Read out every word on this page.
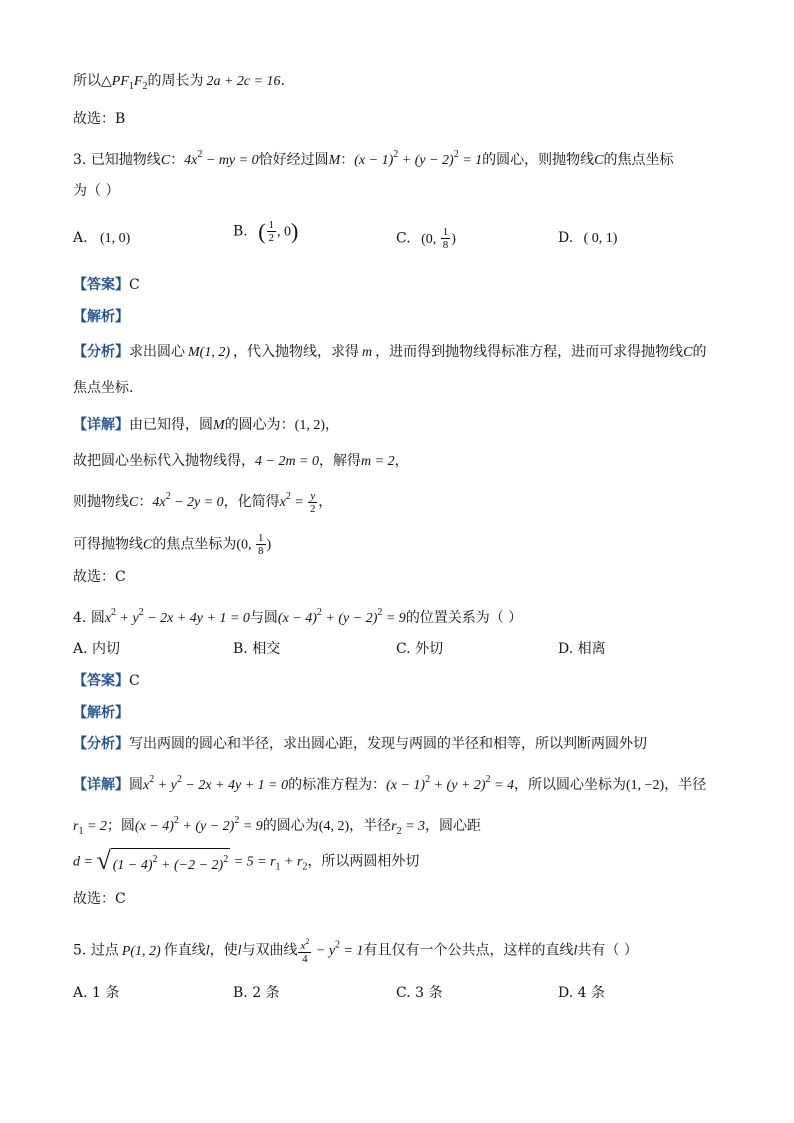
所以$\triangle PF_1F_2$的周长为 2a + 2c = 16.
故选：B
3. 已知抛物线C：$4x^2$ − my = 0恰好经过圆M：$(x - 1)^2 + (y - 2)^2 = 1$的圆心，则抛物线C的焦点坐标
为（ ）
A. (1, 0)	B. ( $\frac{1}{2}$ , 0)	C. (0, $\frac{1}{8}$ )	D. ( 0, 1)
【答案】C
【解析】
【分析】求出圆心 M(1, 2) ，代入抛物线，求得 m ，进而得到抛物线得标准方程，进而可求得抛物线C的
焦点坐标.
【详解】由已知得，圆M的圆心为：(1, 2)，
故把圆心坐标代入抛物线得，4 − 2m = 0，解得m = 2，
则抛物线C：$4x^2 - 2y = 0$，化简得$x^2 = \frac{y}{2}$ ，
可得抛物线C的焦点坐标为(0, $\frac{1}{8}$ )
故选：C
4. 圆$x^2 + y^2 - 2x + 4y + 1 = 0$与圆$(x - 4)^2 + (y - 2)^2 = 9$的位置关系为（ ）
A. 内切	B. 相交	C. 外切	D. 相离
【答案】C
【解析】
【分析】写出两圆的圆心和半径，求出圆心距，发现与两圆的半径和相等，所以判断两圆外切
【详解】圆$x^2 + y^2 - 2x + 4y + 1 = 0$的标准方程为：$(x - 1)^2 + (y + 2)^2 = 4$，所以圆心坐标为(1, −2)，半径
$r_1 = 2$；圆$(x - 4)^2 + (y - 2)^2 = 9$的圆心为(4, 2)，半径$r_2 = 3$，圆心距
d = √ $(1 - 4)^2 + (-2 - 2)^2 = 5 = r_1 + r_2$，所以两圆相外切
故选：C
5. 过点 P(1, 2) 作直线l，使l与双曲线 $\frac{x^2}{4} - y^2 = 1$有且仅有一个公共点，这样的直线l共有（ ）
A. 1 条	B. 2 条	C. 3 条	D. 4 条
